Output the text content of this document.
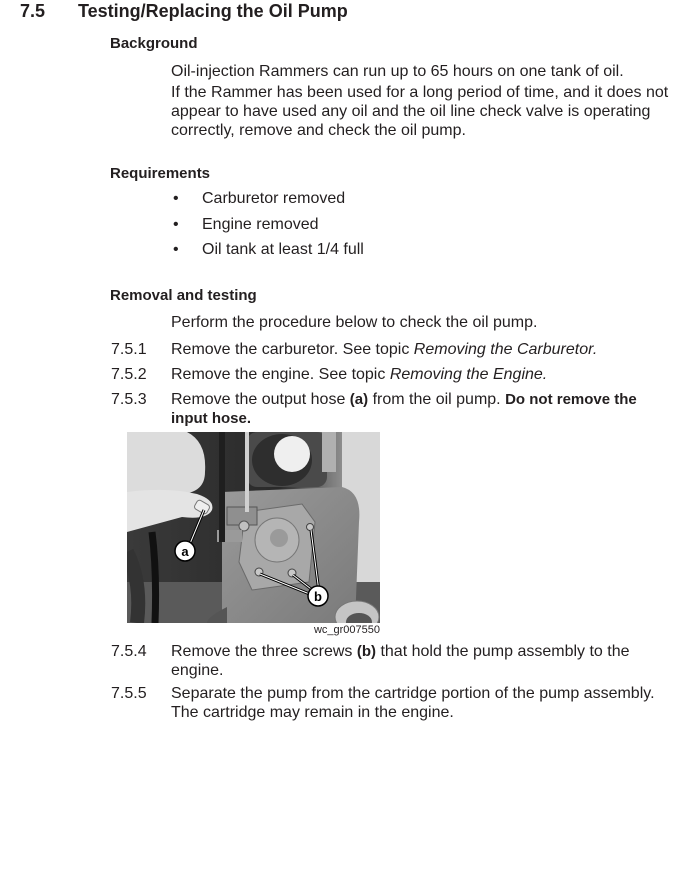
7.5 Testing/Replacing the Oil Pump
Background
Oil-injection Rammers can run up to 65 hours on one tank of oil.
If the Rammer has been used for a long period of time, and it does not
appear to have used any oil and the oil line check valve is operating
correctly, remove and check the oil pump.
Requirements
• Carburetor removed
• Engine removed
• Oil tank at least 1/4 full
Removal and testing
Perform the procedure below to check the oil pump.
7.5.1 Remove the carburetor. See topic Removing the Carburetor.
7.5.2 Remove the engine. See topic Removing the Engine.
7.5.3 Remove the output hose (a) from the oil pump. Do not remove the
input hose.
a
b
wc_gr007550
7.5.4 Remove the three screws (b) that hold the pump assembly to the
engine.
7.5.5 Separate the pump from the cartridge portion of the pump assembly.
The cartridge may remain in the engine.
